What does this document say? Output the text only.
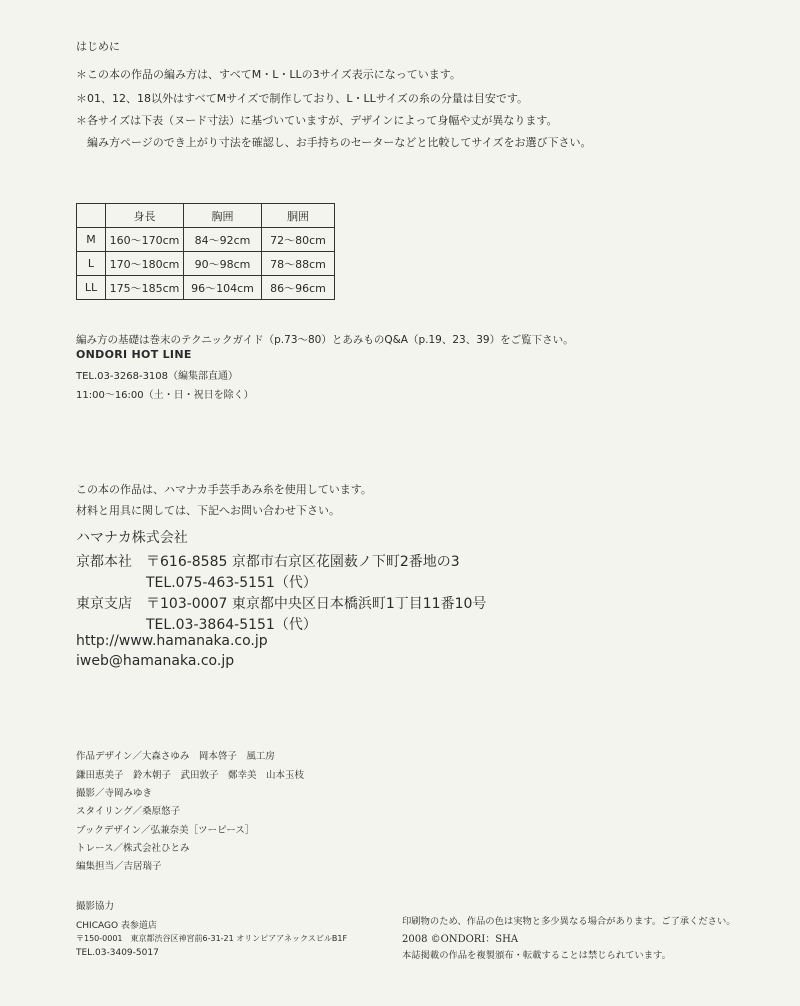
はじめに
＊この本の作品の編み方は、すべてM・L・LLの3サイズ表示になっています。
＊01、12、18以外はすべてMサイズで制作しており、L・LLサイズの糸の分量は目安です。
＊各サイズは下表（ヌード寸法）に基づいていますが、デザインによって身幅や丈が異なります。
　編み方ページのでき上がり寸法を確認し、お手持ちのセーターなどと比較してサイズをお選び下さい。
	身長	胸囲	胴囲
M	160〜170cm	84〜92cm	72〜80cm
L	170〜180cm	90〜98cm	78〜88cm
LL	175〜185cm	96〜104cm	86〜96cm
編み方の基礎は巻末のテクニックガイド（p.73〜80）とあみものQ&A（p.19、23、39）をご覧下さい。
ONDORI HOT LINE
TEL.03-3268-3108（編集部直通）
11:00〜16:00（土・日・祝日を除く）
この本の作品は、ハマナカ手芸手あみ糸を使用しています。
材料と用具に関しては、下記へお問い合わせ下さい。
ハマナカ株式会社
京都本社 〒616-8585 京都市右京区花園薮ノ下町2番地の3
TEL.075-463-5151（代）
東京支店 〒103-0007 東京都中央区日本橋浜町1丁目11番10号
TEL.03-3864-5151（代）
http://www.hamanaka.co.jp
iweb@hamanaka.co.jp
作品デザイン／大森さゆみ　岡本啓子　風工房
鎌田恵美子　鈴木朝子　武田敦子　鄭幸美　山本玉枝
撮影／寺岡みゆき
スタイリング／桑原悠子
ブックデザイン／弘兼奈美［ツーピース］
トレース／株式会社ひとみ
編集担当／吉居瑞子
撮影協力
CHICAGO 表参道店
〒150-0001　東京都渋谷区神宮前6-31-21 オリンピアアネックスビルB1F
TEL.03-3409-5017
印刷物のため、作品の色は実物と多少異なる場合があります。ご了承ください。
2008 ©ONDORI：SHA
本誌掲載の作品を複製頒布・転載することは禁じられています。
